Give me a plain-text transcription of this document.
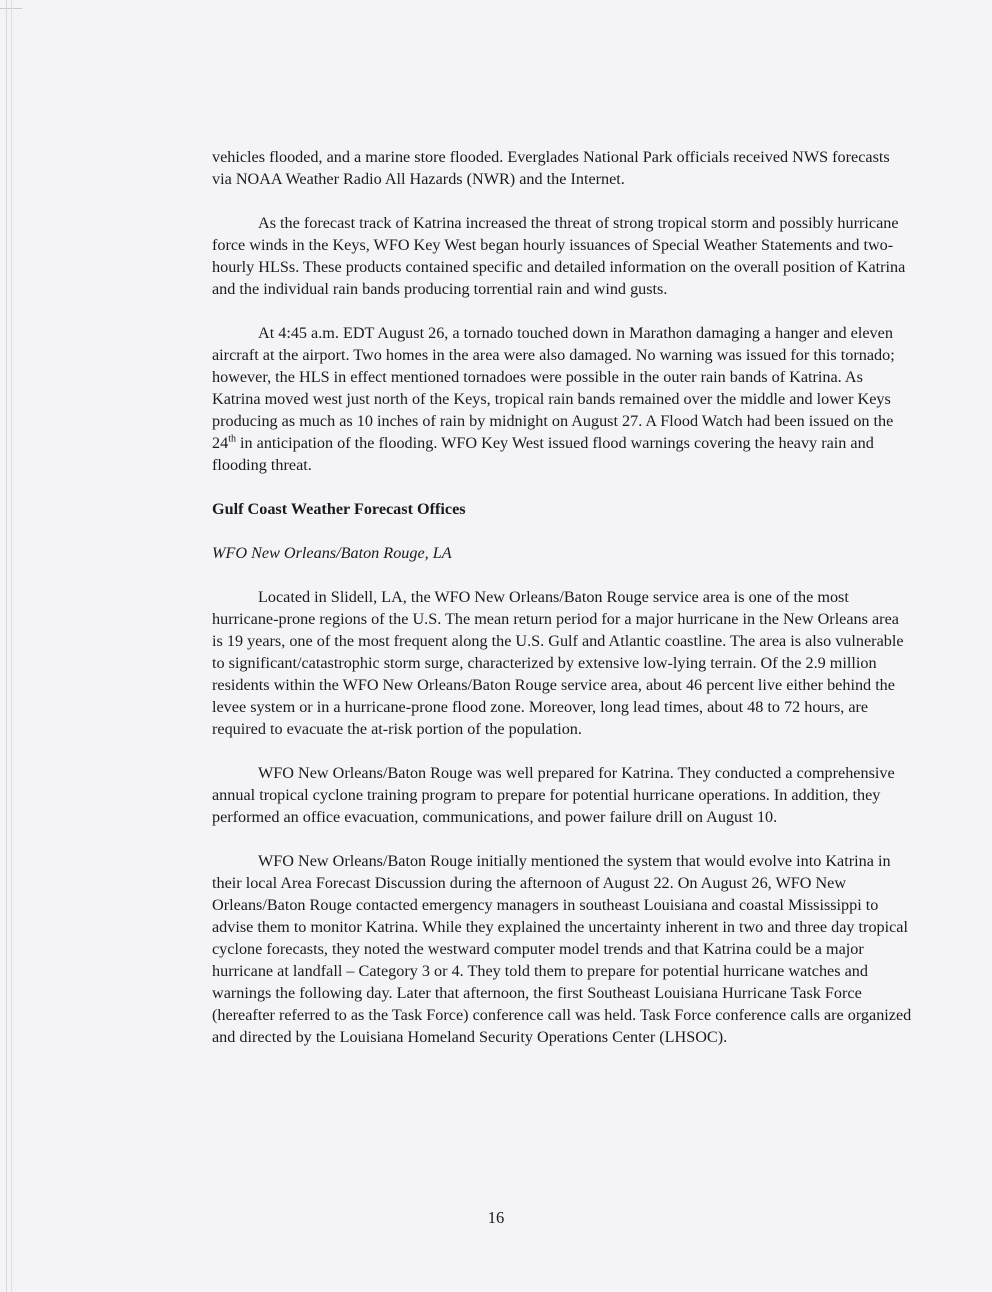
vehicles flooded, and a marine store flooded. Everglades National Park officials received NWS forecasts via NOAA Weather Radio All Hazards (NWR) and the Internet.

As the forecast track of Katrina increased the threat of strong tropical storm and possibly hurricane force winds in the Keys, WFO Key West began hourly issuances of Special Weather Statements and two-hourly HLSs. These products contained specific and detailed information on the overall position of Katrina and the individual rain bands producing torrential rain and wind gusts.

At 4:45 a.m. EDT August 26, a tornado touched down in Marathon damaging a hanger and eleven aircraft at the airport. Two homes in the area were also damaged. No warning was issued for this tornado; however, the HLS in effect mentioned tornadoes were possible in the outer rain bands of Katrina. As Katrina moved west just north of the Keys, tropical rain bands remained over the middle and lower Keys producing as much as 10 inches of rain by midnight on August 27. A Flood Watch had been issued on the 24th in anticipation of the flooding. WFO Key West issued flood warnings covering the heavy rain and flooding threat.

Gulf Coast Weather Forecast Offices

WFO New Orleans/Baton Rouge, LA

Located in Slidell, LA, the WFO New Orleans/Baton Rouge service area is one of the most hurricane-prone regions of the U.S. The mean return period for a major hurricane in the New Orleans area is 19 years, one of the most frequent along the U.S. Gulf and Atlantic coastline. The area is also vulnerable to significant/catastrophic storm surge, characterized by extensive low-lying terrain. Of the 2.9 million residents within the WFO New Orleans/Baton Rouge service area, about 46 percent live either behind the levee system or in a hurricane-prone flood zone. Moreover, long lead times, about 48 to 72 hours, are required to evacuate the at-risk portion of the population.

WFO New Orleans/Baton Rouge was well prepared for Katrina. They conducted a comprehensive annual tropical cyclone training program to prepare for potential hurricane operations. In addition, they performed an office evacuation, communications, and power failure drill on August 10.

WFO New Orleans/Baton Rouge initially mentioned the system that would evolve into Katrina in their local Area Forecast Discussion during the afternoon of August 22. On August 26, WFO New Orleans/Baton Rouge contacted emergency managers in southeast Louisiana and coastal Mississippi to advise them to monitor Katrina. While they explained the uncertainty inherent in two and three day tropical cyclone forecasts, they noted the westward computer model trends and that Katrina could be a major hurricane at landfall – Category 3 or 4. They told them to prepare for potential hurricane watches and warnings the following day. Later that afternoon, the first Southeast Louisiana Hurricane Task Force (hereafter referred to as the Task Force) conference call was held. Task Force conference calls are organized and directed by the Louisiana Homeland Security Operations Center (LHSOC).

16
